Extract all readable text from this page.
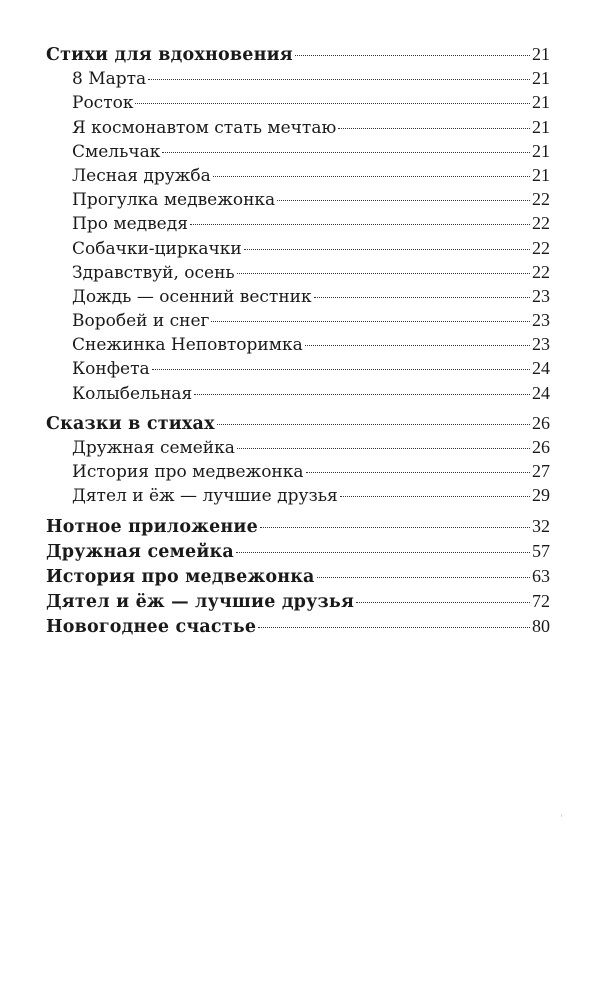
Стихи для вдохновения	21
8 Марта	21
Росток	21
Я космонавтом стать мечтаю	21
Смельчак	21
Лесная дружба	21
Прогулка медвежонка	22
Про медведя	22
Собачки-циркачки	22
Здравствуй, осень	22
Дождь — осенний вестник	23
Воробей и снег	23
Снежинка Неповторимка	23
Конфета	24
Колыбельная	24
Сказки в стихах	26
Дружная семейка	26
История про медвежонка	27
Дятел и ёж — лучшие друзья	29
Нотное приложение	32
Дружная семейка	57
История про медвежонка	63
Дятел и ёж — лучшие друзья	72
Новогоднее счастье	80
